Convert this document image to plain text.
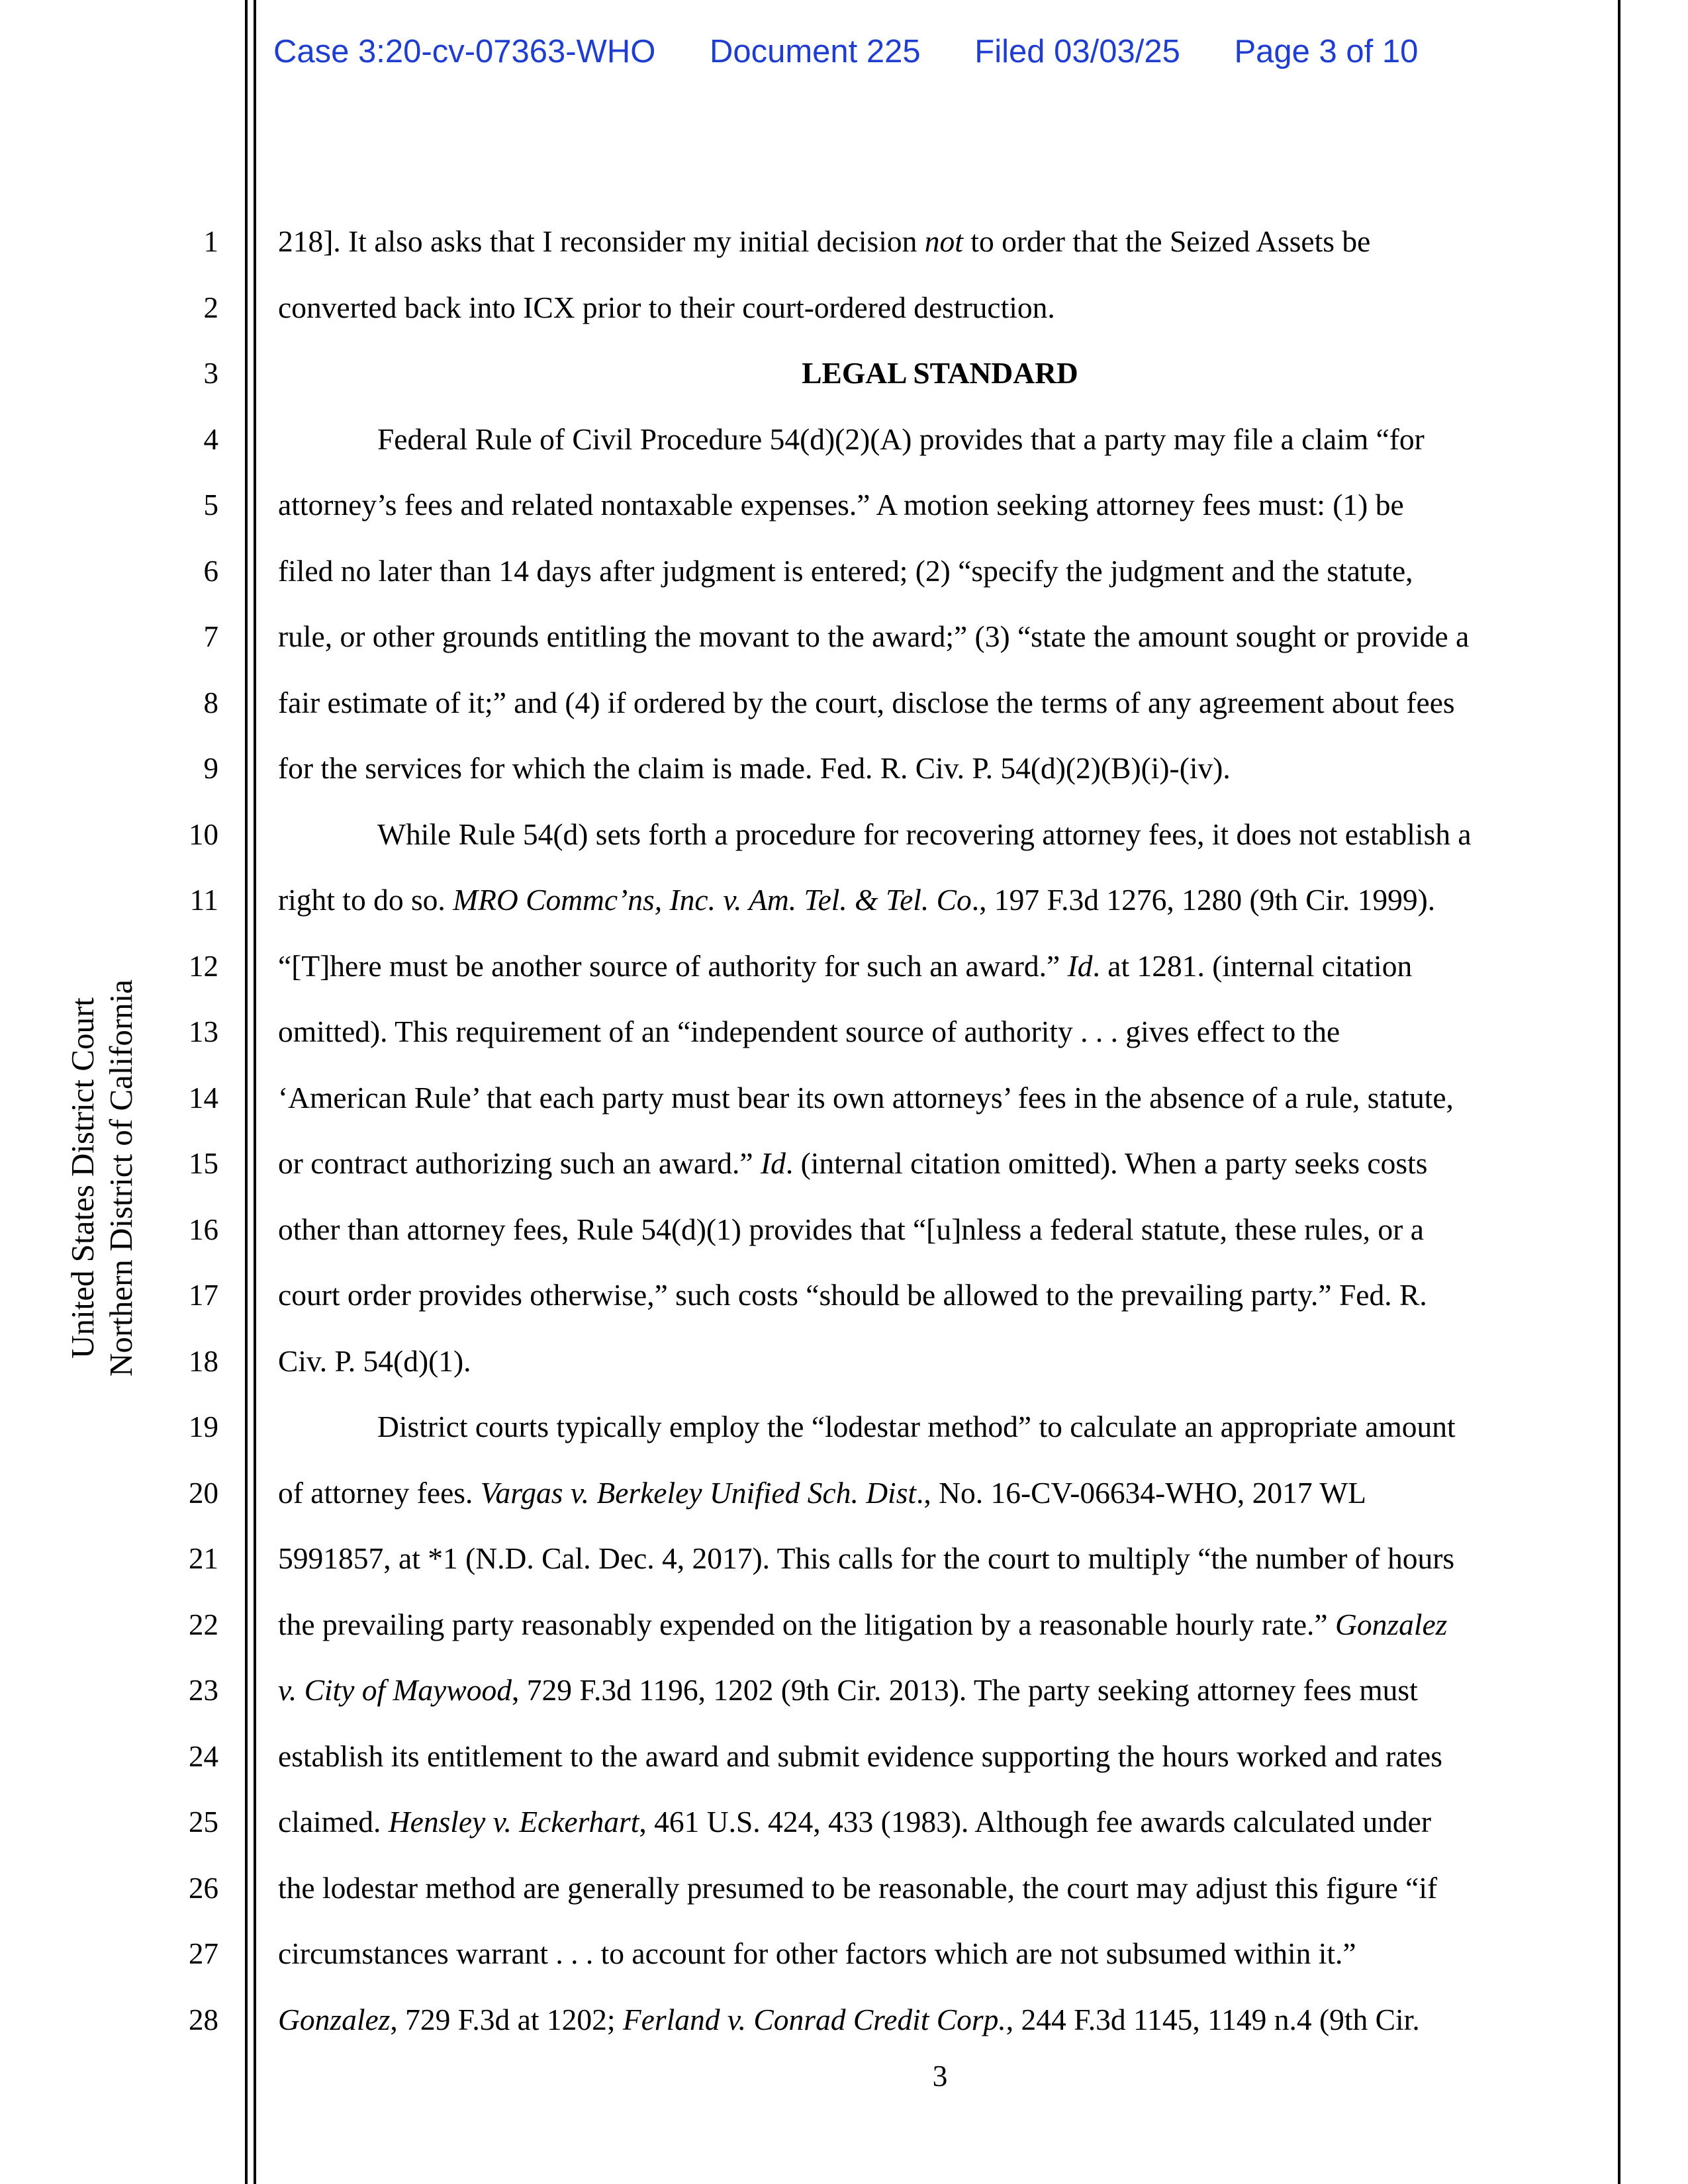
Case 3:20-cv-07363-WHO Document 225 Filed 03/03/25 Page 3 of 10
United States District Court Northern District of California
1
2
3
4
5
6
7
8
9
10
11
12
13
14
15
16
17
18
19
20
21
22
23
24
25
26
27
28
218]. It also asks that I reconsider my initial decision not to order that the Seized Assets be
converted back into ICX prior to their court-ordered destruction.
LEGAL STANDARD
Federal Rule of Civil Procedure 54(d)(2)(A) provides that a party may file a claim “for
attorney’s fees and related nontaxable expenses.” A motion seeking attorney fees must: (1) be
filed no later than 14 days after judgment is entered; (2) “specify the judgment and the statute,
rule, or other grounds entitling the movant to the award;” (3) “state the amount sought or provide a
fair estimate of it;” and (4) if ordered by the court, disclose the terms of any agreement about fees
for the services for which the claim is made. Fed. R. Civ. P. 54(d)(2)(B)(i)-(iv).
While Rule 54(d) sets forth a procedure for recovering attorney fees, it does not establish a
right to do so. MRO Commc’ns, Inc. v. Am. Tel. & Tel. Co., 197 F.3d 1276, 1280 (9th Cir. 1999).
“[T]here must be another source of authority for such an award.” Id. at 1281. (internal citation
omitted). This requirement of an “independent source of authority . . . gives effect to the
‘American Rule’ that each party must bear its own attorneys’ fees in the absence of a rule, statute,
or contract authorizing such an award.” Id. (internal citation omitted). When a party seeks costs
other than attorney fees, Rule 54(d)(1) provides that “[u]nless a federal statute, these rules, or a
court order provides otherwise,” such costs “should be allowed to the prevailing party.” Fed. R.
Civ. P. 54(d)(1).
District courts typically employ the “lodestar method” to calculate an appropriate amount
of attorney fees. Vargas v. Berkeley Unified Sch. Dist., No. 16-CV-06634-WHO, 2017 WL
5991857, at *1 (N.D. Cal. Dec. 4, 2017). This calls for the court to multiply “the number of hours
the prevailing party reasonably expended on the litigation by a reasonable hourly rate.” Gonzalez
v. City of Maywood, 729 F.3d 1196, 1202 (9th Cir. 2013). The party seeking attorney fees must
establish its entitlement to the award and submit evidence supporting the hours worked and rates
claimed. Hensley v. Eckerhart, 461 U.S. 424, 433 (1983). Although fee awards calculated under
the lodestar method are generally presumed to be reasonable, the court may adjust this figure “if
circumstances warrant . . . to account for other factors which are not subsumed within it.”
Gonzalez, 729 F.3d at 1202; Ferland v. Conrad Credit Corp., 244 F.3d 1145, 1149 n.4 (9th Cir.
3
